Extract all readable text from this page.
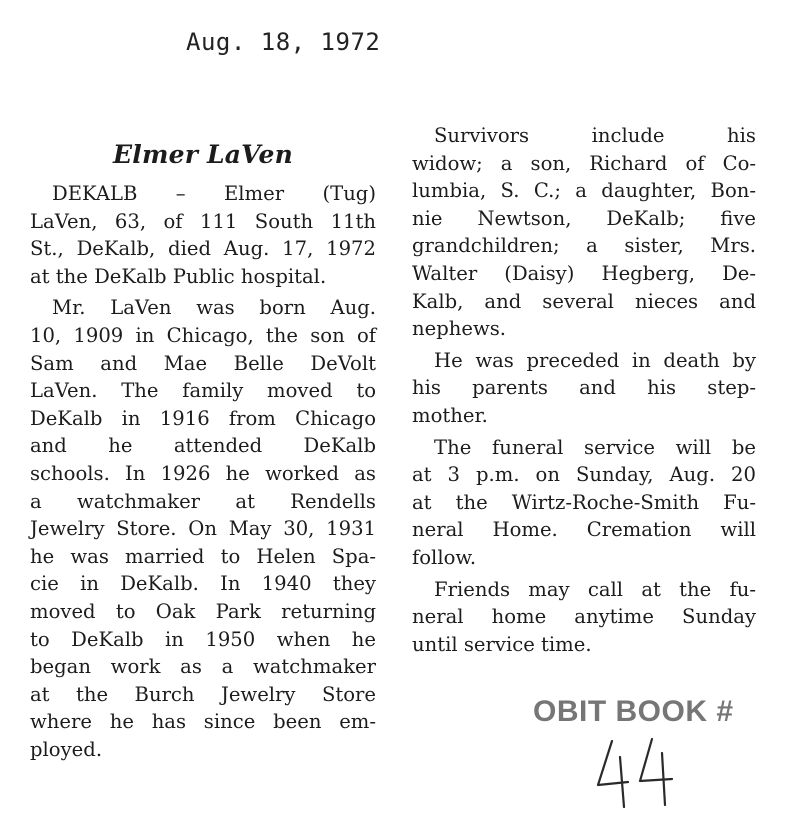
Aug. 18, 1972
Elmer LaVen
DEKALB – Elmer (Tug)
LaVen, 63, of 111 South 11th
St., DeKalb, died Aug. 17, 1972
at the DeKalb Public hospital.
Mr. LaVen was born Aug.
10, 1909 in Chicago, the son of
Sam and Mae Belle DeVolt
LaVen. The family moved to
DeKalb in 1916 from Chicago
and he attended DeKalb
schools. In 1926 he worked as
a watchmaker at Rendells
Jewelry Store. On May 30, 1931
he was married to Helen Spa-
cie in DeKalb. In 1940 they
moved to Oak Park returning
to DeKalb in 1950 when he
began work as a watchmaker
at the Burch Jewelry Store
where he has since been em-
ployed.
Survivors include his
widow; a son, Richard of Co-
lumbia, S. C.; a daughter, Bon-
nie Newtson, DeKalb; five
grandchildren; a sister, Mrs.
Walter (Daisy) Hegberg, De-
Kalb, and several nieces and
nephews.
He was preceded in death by
his parents and his step-
mother.
The funeral service will be
at 3 p.m. on Sunday, Aug. 20
at the Wirtz-Roche-Smith Fu-
neral Home. Cremation will
follow.
Friends may call at the fu-
neral home anytime Sunday
until service time.
OBIT BOOK #
